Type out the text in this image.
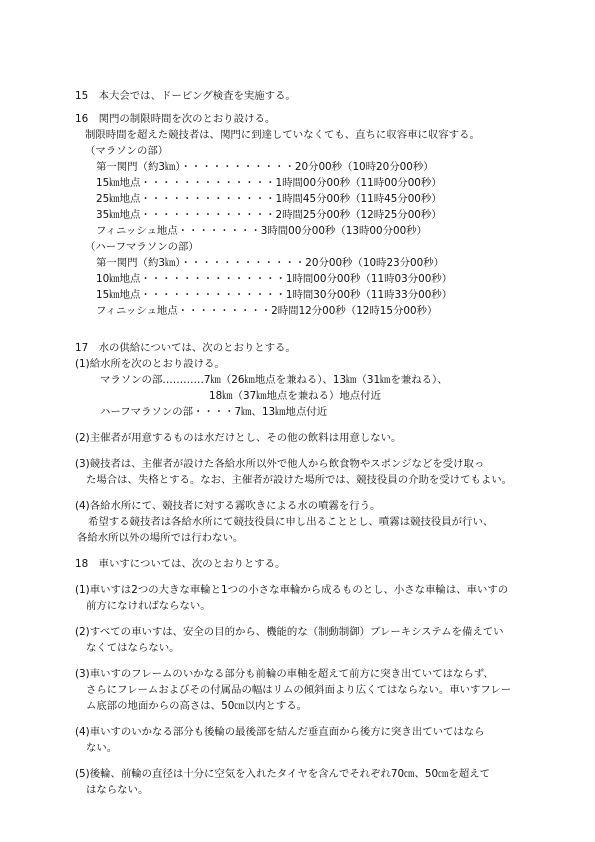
15　本大会では、ドーピング検査を実施する。

16　関門の制限時間を次のとおり設ける。

制限時間を超えた競技者は、関門に到達していなくても、直ちに収容車に収容する。

（マラソンの部）

第一関門（約3㎞）・・・・・・・・・・・20分00秒（10時20分00秒）

15㎞地点・・・・・・・・・・・・・1時間00分00秒（11時00分00秒）

25㎞地点・・・・・・・・・・・・・1時間45分00秒（11時45分00秒）

35㎞地点・・・・・・・・・・・・・2時間25分00秒（12時25分00秒）

フィニッシュ地点・・・・・・・・3時間00分00秒（13時00分00秒）

（ハーフマラソンの部）

第一関門（約3㎞）・・・・・・・・・・・・20分00秒（10時23分00秒）

10㎞地点・・・・・・・・・・・・・・1時間00分00秒（11時03分00秒）

15㎞地点・・・・・・・・・・・・・・1時間30分00秒（11時33分00秒）

フィニッシュ地点・・・・・・・・・2時間12分00秒（12時15分00秒）

17　水の供給については、次のとおりとする。

(1)給水所を次のとおり設ける。

マラソンの部…………7㎞（26㎞地点を兼ねる）、13㎞（31㎞を兼ねる）、

18㎞（37㎞地点を兼ねる）地点付近

ハーフマラソンの部・・・・7㎞、13㎞地点付近

(2)主催者が用意するものは水だけとし、その他の飲料は用意しない。

(3)競技者は、主催者が設けた各給水所以外で他人から飲食物やスポンジなどを受け取っ

た場合は、失格とする。なお、主催者が設けた場所では、競技役員の介助を受けてもよい。

(4)各給水所にて、競技者に対する霧吹きによる水の噴霧を行う。

希望する競技者は各給水所にて競技役員に申し出ることとし、噴霧は競技役員が行い、

各給水所以外の場所では行わない。

18　車いすについては、次のとおりとする。

(1)車いすは2つの大きな車輪と1つの小さな車輪から成るものとし、小さな車輪は、車いすの

前方になければならない。

(2)すべての車いすは、安全の目的から、機能的な（制動制御）ブレーキシステムを備えてい

なくてはならない。

(3)車いすのフレームのいかなる部分も前輪の車軸を超えて前方に突き出ていてはならず、

さらにフレームおよびその付属品の幅はリムの傾斜面より広くてはならない。車いすフレー

ム底部の地面からの高さは、50㎝以内とする。

(4)車いすのいかなる部分も後輪の最後部を結んだ垂直面から後方に突き出ていてはなら

ない。

(5)後輪、前輪の直径は十分に空気を入れたタイヤを含んでそれぞれ70㎝、50㎝を超えて

はならない。
